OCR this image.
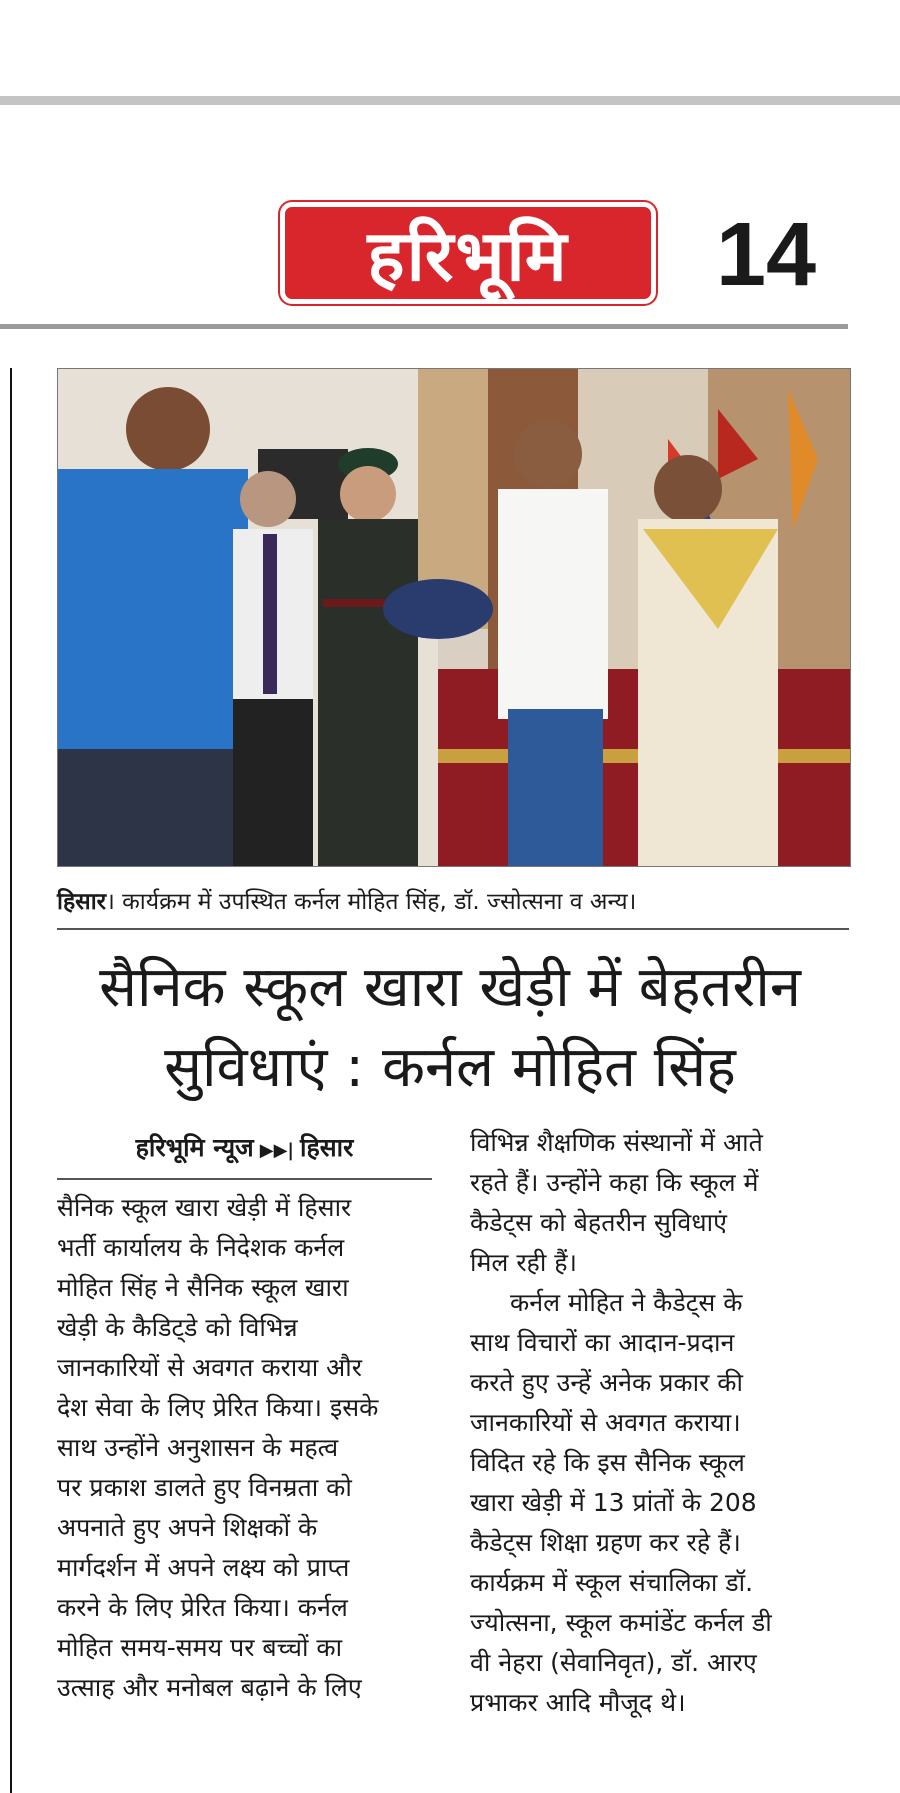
हरिभूमि 14
हिसार। कार्यक्रम में उपस्थित कर्नल मोहित सिंह, डॉ. ज्सोत्सना व अन्य।
सैनिक स्कूल खारा खेड़ी में बेहतरीन
सुविधाएं : कर्नल मोहित सिंह
हरिभूमि न्यूज ▶▶| हिसार

सैनिक स्कूल खारा खेड़ी में हिसार

भर्ती कार्यालय के निदेशक कर्नल

मोहित सिंह ने सैनिक स्कूल खारा

खेड़ी के कैडिट्डे को विभिन्न

जानकारियों से अवगत कराया और

देश सेवा के लिए प्रेरित किया। इसके

साथ उन्होंने अनुशासन के महत्व

पर प्रकाश डालते हुए विनम्रता को

अपनाते हुए अपने शिक्षकों के

मार्गदर्शन में अपने लक्ष्य को प्राप्त

करने के लिए प्रेरित किया। कर्नल

मोहित समय-समय पर बच्चों का

उत्साह और मनोबल बढ़ाने के लिए

विभिन्न शैक्षणिक संस्थानों में आते

रहते हैं। उन्होंने कहा कि स्कूल में

कैडेट्स को बेहतरीन सुविधाएं

मिल रही हैं।

कर्नल मोहित ने कैडेट्स के

साथ विचारों का आदान-प्रदान

करते हुए उन्हें अनेक प्रकार की

जानकारियों से अवगत कराया।

विदित रहे कि इस सैनिक स्कूल

खारा खेड़ी में 13 प्रांतों के 208

कैडेट्स शिक्षा ग्रहण कर रहे हैं।

कार्यक्रम में स्कूल संचालिका डॉ.

ज्योत्सना, स्कूल कमांडेंट कर्नल डी

वी नेहरा (सेवानिवृत), डॉ. आरए

प्रभाकर आदि मौजूद थे।
